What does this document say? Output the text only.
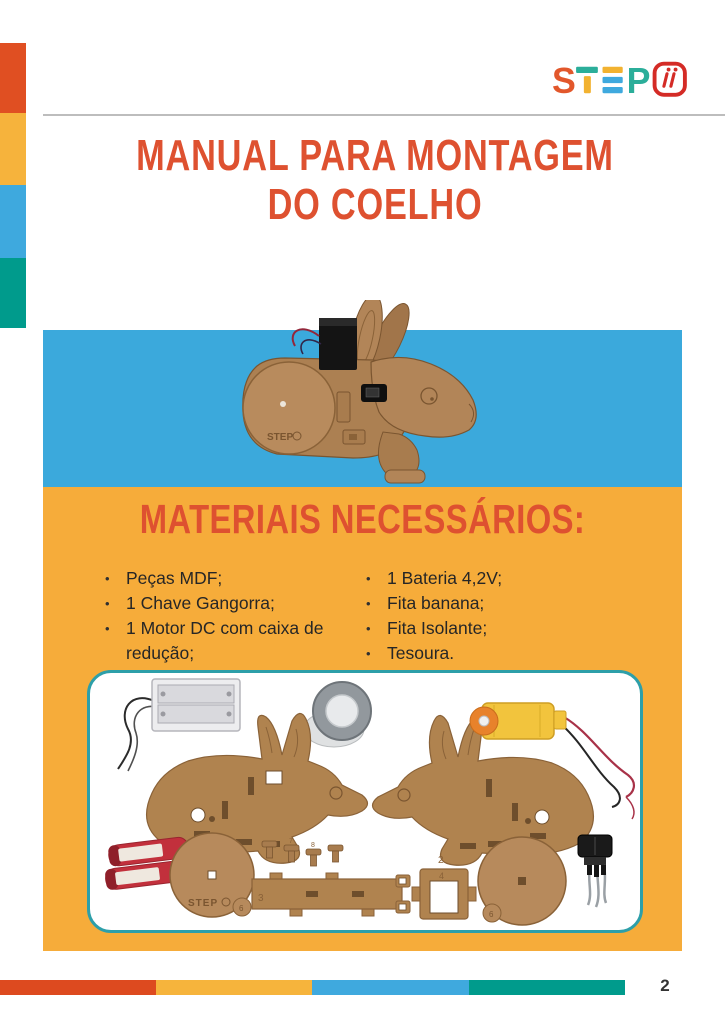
S P
MANUAL PARA MONTAGEM
DO COELHO
STEP
MATERIAIS NECESSÁRIOS:
• Peças MDF;
• 1 Chave Gangorra;
• 1 Motor DC com caixa de redução;
•
• 1 Bateria 4,2V;
• Fita banana;
• Fita Isolante;
• Tesoura.
2
STEP	6
7
8
3
4
6
2
